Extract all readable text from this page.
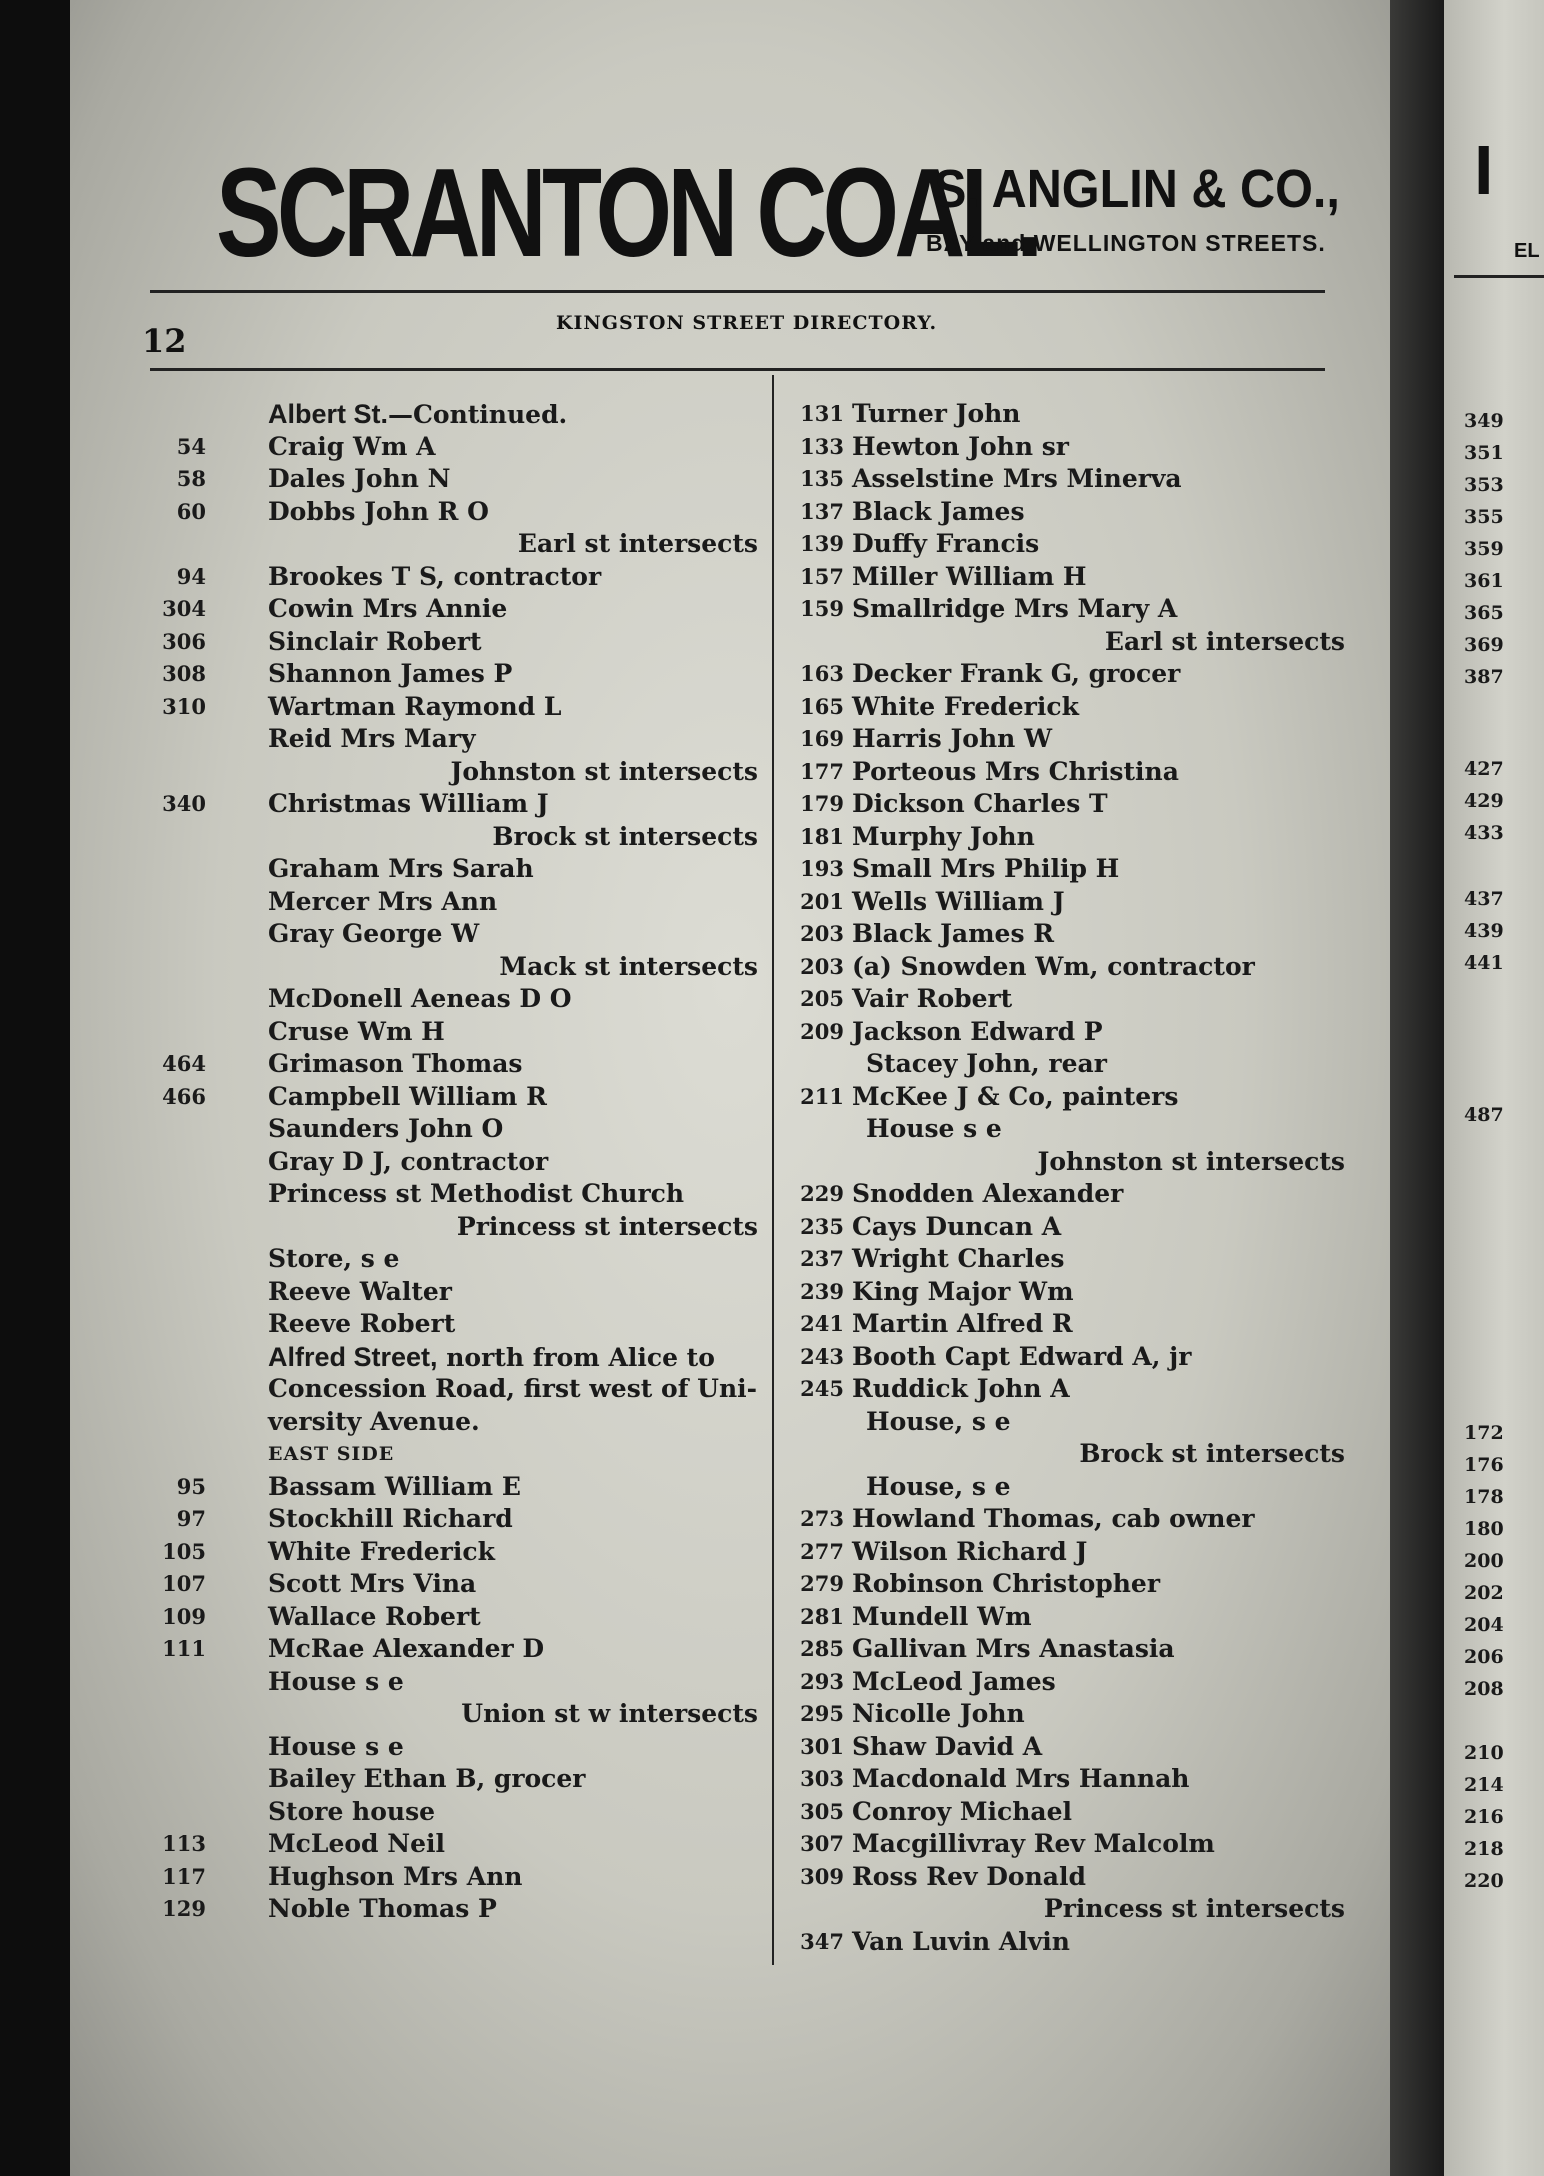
SCRANTON COAL.
S. ANGLIN & CO.,
BAY and WELLINGTON STREETS.
12	KINGSTON STREET DIRECTORY.
Albert St.—Continued.
54 Craig Wm A
58 Dales John N
60 Dobbs John R O
Earl st intersects
94 Brookes T S, contractor
304 Cowin Mrs Annie
306 Sinclair Robert
308 Shannon James P
310 Wartman Raymond L
Reid Mrs Mary
Johnston st intersects
340 Christmas William J
Brock st intersects
Graham Mrs Sarah
Mercer Mrs Ann
Gray George W
Mack st intersects
McDonell Aeneas D O
Cruse Wm H
464 Grimason Thomas
466 Campbell William R
Saunders John O
Gray D J, contractor
Princess st Methodist Church
Princess st intersects
Store, s e
Reeve Walter
Reeve Robert
Alfred Street, north from Alice to
Concession Road, first west of Uni-
versity Avenue.
EAST SIDE
95 Bassam William E
97 Stockhill Richard
105 White Frederick
107 Scott Mrs Vina
109 Wallace Robert
111 McRae Alexander D
House s e
Union st w intersects
House s e
Bailey Ethan B, grocer
Store house
113 McLeod Neil
117 Hughson Mrs Ann
129 Noble Thomas P
131 Turner John
133 Hewton John sr
135 Asselstine Mrs Minerva
137 Black James
139 Duffy Francis
157 Miller William H
159 Smallridge Mrs Mary A
Earl st intersects
163 Decker Frank G, grocer
165 White Frederick
169 Harris John W
177 Porteous Mrs Christina
179 Dickson Charles T
181 Murphy John
193 Small Mrs Philip H
201 Wells William J
203 Black James R
203 (a) Snowden Wm, contractor
205 Vair Robert
209 Jackson Edward P
Stacey John, rear
211 McKee J & Co, painters
House s e
Johnston st intersects
229 Snodden Alexander
235 Cays Duncan A
237 Wright Charles
239 King Major Wm
241 Martin Alfred R
243 Booth Capt Edward A, jr
245 Ruddick John A
House, s e
Brock st intersects
House, s e
273 Howland Thomas, cab owner
277 Wilson Richard J
279 Robinson Christopher
281 Mundell Wm
285 Gallivan Mrs Anastasia
293 McLeod James
295 Nicolle John
301 Shaw David A
303 Macdonald Mrs Hannah
305 Conroy Michael
307 Macgillivray Rev Malcolm
309 Ross Rev Donald
Princess st intersects
347 Van Luvin Alvin
I
EL
349
351
353
355
359
361
365
369
387
427
429
433
437
439
441
487
172
176
178
180
200
202
204
206
208
210
214
216
218
220
